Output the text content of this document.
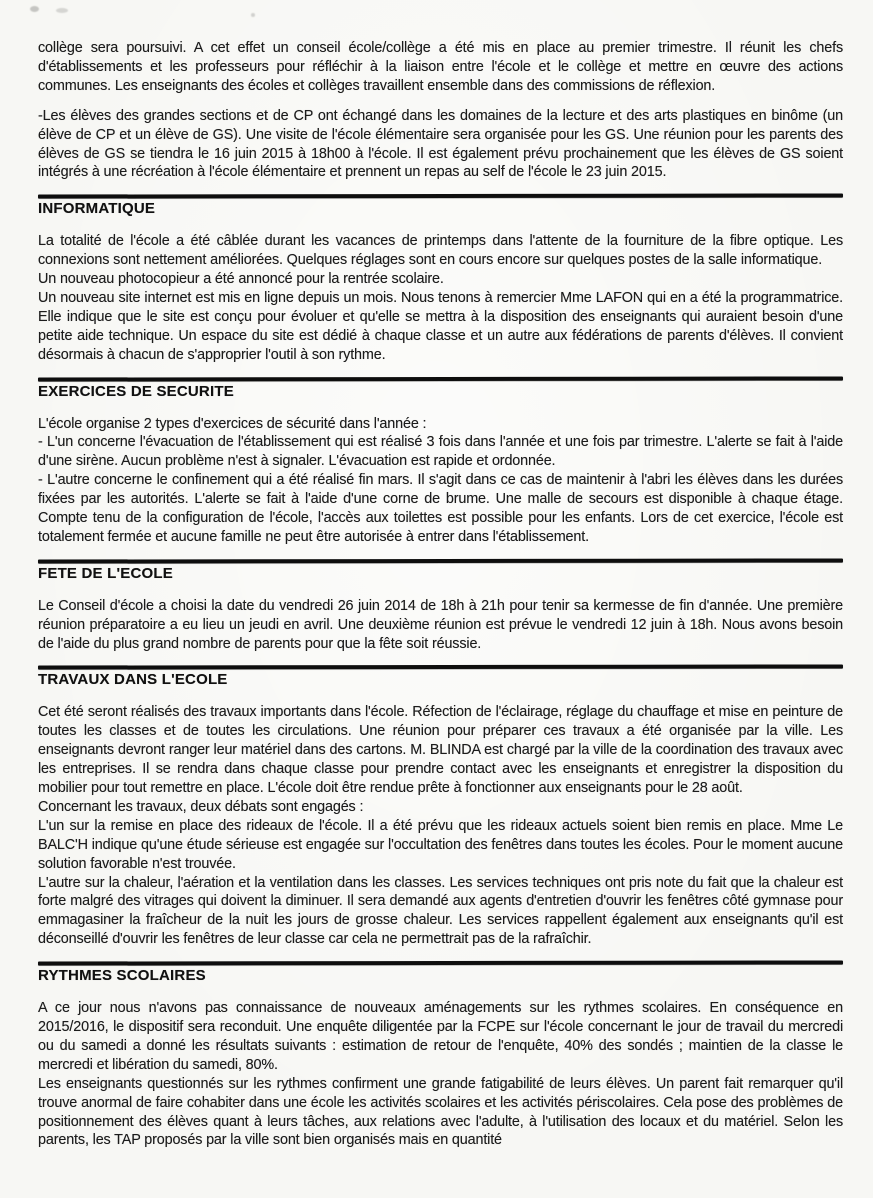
collège sera poursuivi. A cet effet un conseil école/collège a été mis en place au premier trimestre. Il réunit les chefs d'établissements et les professeurs pour réfléchir à la liaison entre l'école et le collège et mettre en œuvre des actions communes. Les enseignants des écoles et collèges travaillent ensemble dans des commissions de réflexion.

-Les élèves des grandes sections et de CP ont échangé dans les domaines de la lecture et des arts plastiques en binôme (un élève de CP et un élève de GS). Une visite de l'école élémentaire sera organisée pour les GS. Une réunion pour les parents des élèves de GS se tiendra le 16 juin 2015 à 18h00 à l'école. Il est également prévu prochainement que les élèves de GS soient intégrés à une récréation à l'école élémentaire et prennent un repas au self de l'école le 23 juin 2015.

INFORMATIQUE

La totalité de l'école a été câblée durant les vacances de printemps dans l'attente de la fourniture de la fibre optique. Les connexions sont nettement améliorées. Quelques réglages sont en cours encore sur quelques postes de la salle informatique.

Un nouveau photocopieur a été annoncé pour la rentrée scolaire.

Un nouveau site internet est mis en ligne depuis un mois. Nous tenons à remercier Mme LAFON qui en a été la programmatrice. Elle indique que le site est conçu pour évoluer et qu'elle se mettra à la disposition des enseignants qui auraient besoin d'une petite aide technique. Un espace du site est dédié à chaque classe et un autre aux fédérations de parents d'élèves. Il convient désormais à chacun de s'approprier l'outil à son rythme.

EXERCICES DE SECURITE

L'école organise 2 types d'exercices de sécurité dans l'année :

- L'un concerne l'évacuation de l'établissement qui est réalisé 3 fois dans l'année et une fois par trimestre. L'alerte se fait à l'aide d'une sirène. Aucun problème n'est à signaler. L'évacuation est rapide et ordonnée.

- L'autre concerne le confinement qui a été réalisé fin mars. Il s'agit dans ce cas de maintenir à l'abri les élèves dans les durées fixées par les autorités. L'alerte se fait à l'aide d'une corne de brume. Une malle de secours est disponible à chaque étage. Compte tenu de la configuration de l'école, l'accès aux toilettes est possible pour les enfants. Lors de cet exercice, l'école est totalement fermée et aucune famille ne peut être autorisée à entrer dans l'établissement.

FETE DE L'ECOLE

Le Conseil d'école a choisi la date du vendredi 26 juin 2014 de 18h à 21h pour tenir sa kermesse de fin d'année. Une première réunion préparatoire a eu lieu un jeudi en avril. Une deuxième réunion est prévue le vendredi 12 juin à 18h. Nous avons besoin de l'aide du plus grand nombre de parents pour que la fête soit réussie.

TRAVAUX DANS L'ECOLE

Cet été seront réalisés des travaux importants dans l'école. Réfection de l'éclairage, réglage du chauffage et mise en peinture de toutes les classes et de toutes les circulations. Une réunion pour préparer ces travaux a été organisée par la ville. Les enseignants devront ranger leur matériel dans des cartons. M. BLINDA est chargé par la ville de la coordination des travaux avec les entreprises. Il se rendra dans chaque classe pour prendre contact avec les enseignants et enregistrer la disposition du mobilier pour tout remettre en place. L'école doit être rendue prête à fonctionner aux enseignants pour le 28 août.

Concernant les travaux, deux débats sont engagés :

L'un sur la remise en place des rideaux de l'école. Il a été prévu que les rideaux actuels soient bien remis en place. Mme Le BALC'H indique qu'une étude sérieuse est engagée sur l'occultation des fenêtres dans toutes les écoles. Pour le moment aucune solution favorable n'est trouvée.

L'autre sur la chaleur, l'aération et la ventilation dans les classes. Les services techniques ont pris note du fait que la chaleur est forte malgré des vitrages qui doivent la diminuer. Il sera demandé aux agents d'entretien d'ouvrir les fenêtres côté gymnase pour emmagasiner la fraîcheur de la nuit les jours de grosse chaleur. Les services rappellent également aux enseignants qu'il est déconseillé d'ouvrir les fenêtres de leur classe car cela ne permettrait pas de la rafraîchir.

RYTHMES SCOLAIRES

A ce jour nous n'avons pas connaissance de nouveaux aménagements sur les rythmes scolaires. En conséquence en 2015/2016, le dispositif sera reconduit. Une enquête diligentée par la FCPE sur l'école concernant le jour de travail du mercredi ou du samedi a donné les résultats suivants : estimation de retour de l'enquête, 40% des sondés ; maintien de la classe le mercredi et libération du samedi, 80%.

Les enseignants questionnés sur les rythmes confirment une grande fatigabilité de leurs élèves. Un parent fait remarquer qu'il trouve anormal de faire cohabiter dans une école les activités scolaires et les activités périscolaires. Cela pose des problèmes de positionnement des élèves quant à leurs tâches, aux relations avec l'adulte, à l'utilisation des locaux et du matériel. Selon les parents, les TAP proposés par la ville sont bien organisés mais en quantité
